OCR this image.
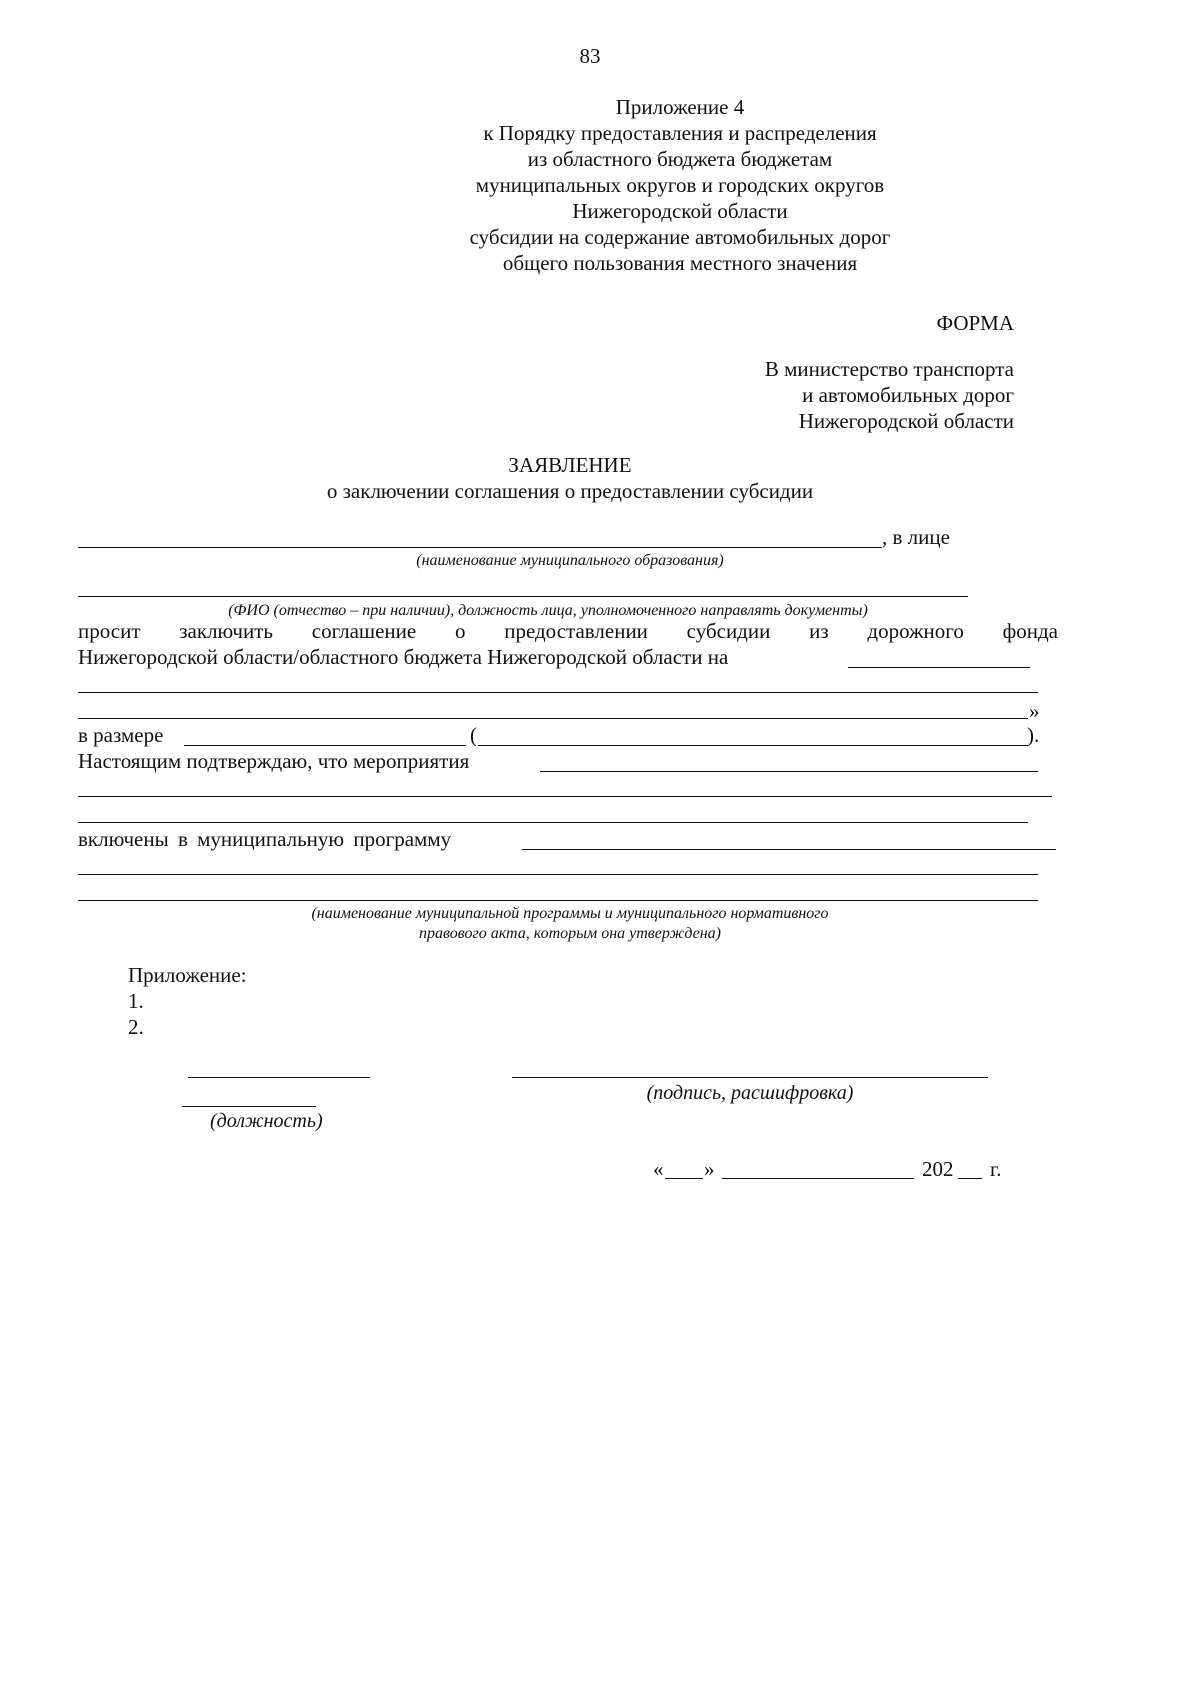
83
Приложение 4
к Порядку предоставления и распределения
из областного бюджета бюджетам
муниципальных округов и городских округов
Нижегородской области
субсидии на содержание автомобильных дорог
общего пользования местного значения
ФОРМА
В министерство транспорта
и автомобильных дорог
Нижегородской области
ЗАЯВЛЕНИЕ
о заключении соглашения о предоставлении субсидии
, в лице
(наименование муниципального образования)
(ФИО (отчество – при наличии), должность лица, уполномоченного направлять документы)
просит заключить соглашение о предоставлении субсидии из дорожного фонда
Нижегородской области/областного бюджета Нижегородской области на
»
в размере	(	).
Настоящим подтверждаю, что мероприятия
включены в муниципальную программу
(наименование муниципальной программы и муниципального нормативного
правового акта, которым она утверждена)
Приложение:
1.
2.
(должность)
(подпись, расшифровка)
« »	202 г.
